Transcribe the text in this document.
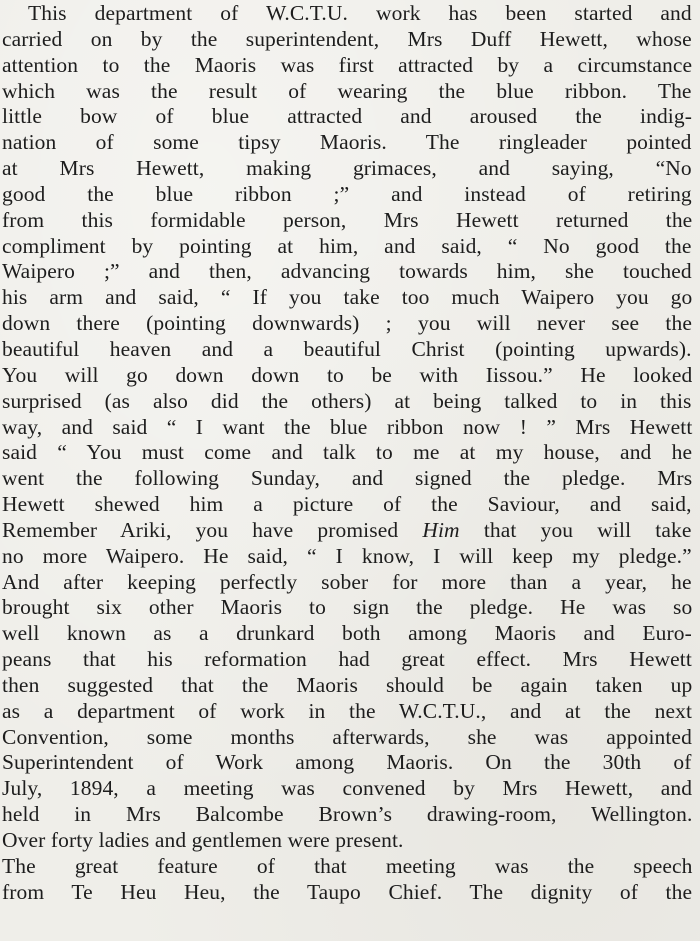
This department of W.C.T.U. work has been started and
carried on by the superintendent, Mrs Duff Hewett, whose
attention to the Maoris was first attracted by a circumstance
which was the result of wearing the blue ribbon. The
little bow of blue attracted and aroused the indig-
nation of some tipsy Maoris. The ringleader pointed
at Mrs Hewett, making grimaces, and saying, “No
good the blue ribbon ;” and instead of retiring
from this formidable person, Mrs Hewett returned the
compliment by pointing at him, and said, “ No good the
Waipero ;” and then, advancing towards him, she touched
his arm and said, “ If you take too much Waipero you go
down there (pointing downwards) ; you will never see the
beautiful heaven and a beautiful Christ (pointing upwards).
You will go down down to be with Iissou.” He looked
surprised (as also did the others) at being talked to in this
way, and said “ I want the blue ribbon now ! ” Mrs Hewett
said “ You must come and talk to me at my house, and he
went the following Sunday, and signed the pledge. Mrs
Hewett shewed him a picture of the Saviour, and said,
Remember Ariki, you have promised Him that you will take
no more Waipero. He said, “ I know, I will keep my pledge.”
And after keeping perfectly sober for more than a year, he
brought six other Maoris to sign the pledge. He was so
well known as a drunkard both among Maoris and Euro-
peans that his reformation had great effect. Mrs Hewett
then suggested that the Maoris should be again taken up
as a department of work in the W.C.T.U., and at the next
Convention, some months afterwards, she was appointed
Superintendent of Work among Maoris. On the 30th of
July, 1894, a meeting was convened by Mrs Hewett, and
held in Mrs Balcombe Brown’s drawing-room, Wellington.
Over forty ladies and gentlemen were present.
The great feature of that meeting was the speech
from Te Heu Heu, the Taupo Chief. The dignity of the
